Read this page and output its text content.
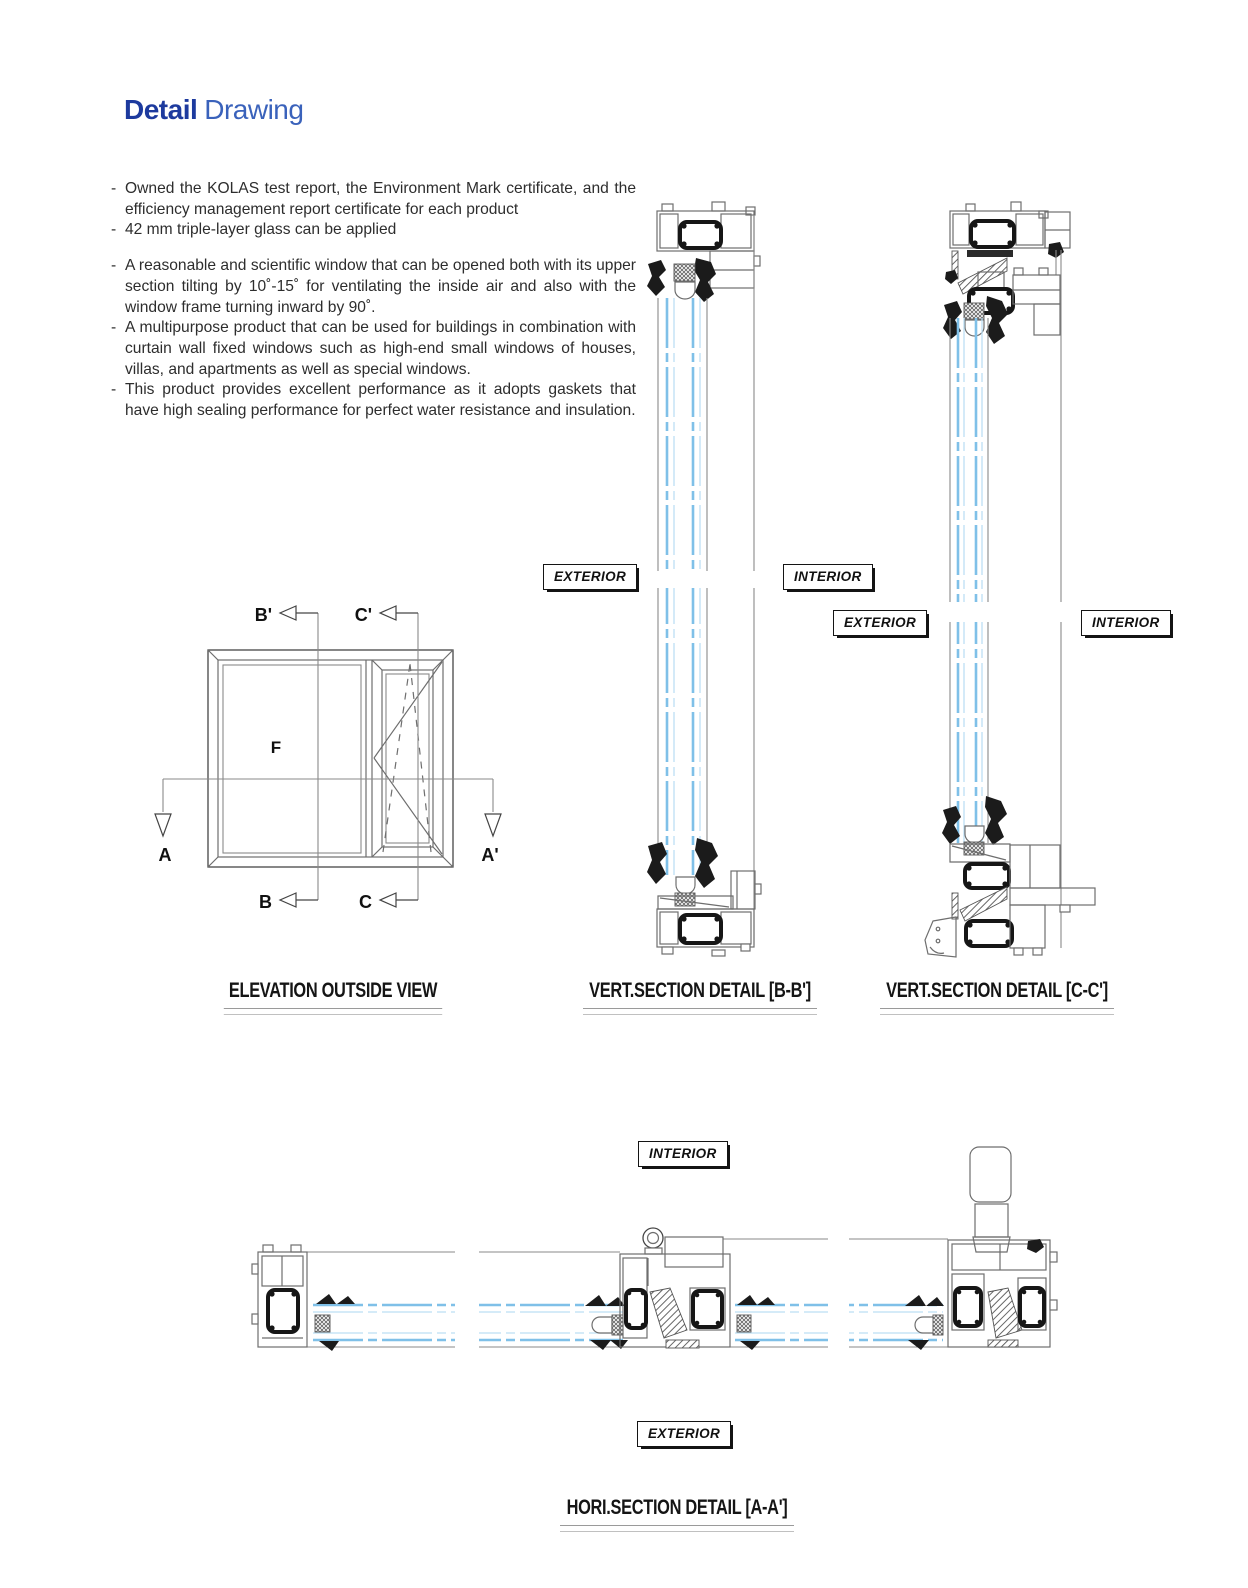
Detail Drawing
- Owned the KOLAS test report, the Environment Mark certificate, and the efficiency management report certificate for each product
- 42 mm triple-layer glass can be applied
- A reasonable and scientific window that can be opened both with its upper section tilting by 10˚-15˚ for ventilating the inside air and also with the window frame turning inward by 90˚.
- A multipurpose product that can be used for buildings in combination with curtain wall fixed windows such as high-end small windows of houses, villas, and apartments as well as special windows.
- This product provides excellent performance as it adopts gaskets that have high sealing performance for perfect water resistance and insulation.
B'	C'
B	C
A	A'
F
EXTERIOR	INTERIOR
EXTERIOR	INTERIOR
INTERIOR
EXTERIOR
ELEVATION OUTSIDE VIEW	VERT.SECTION DETAIL [B-B']	VERT.SECTION DETAIL [C-C']
HORI.SECTION DETAIL [A-A']
